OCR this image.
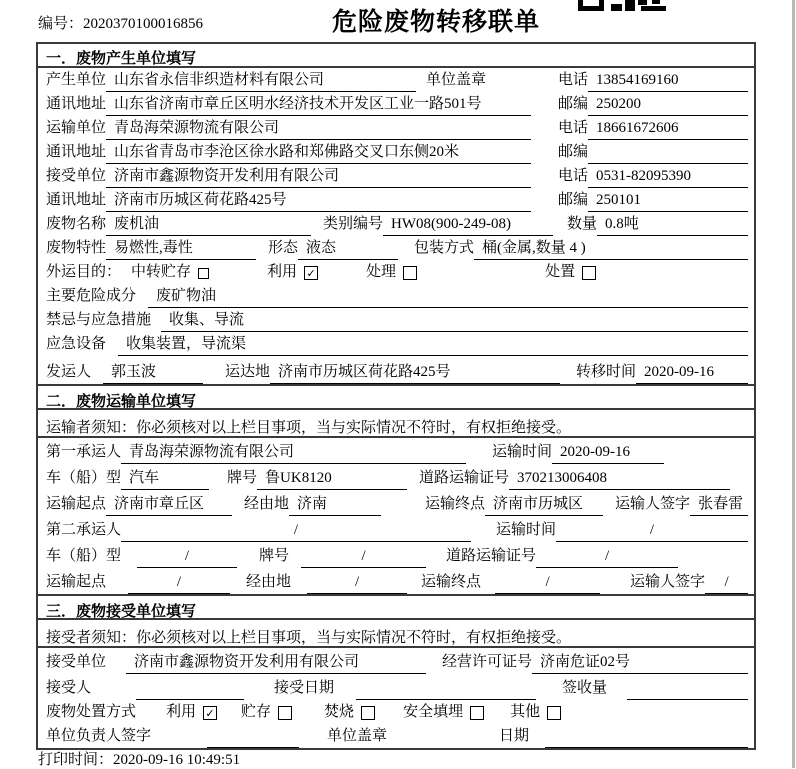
编号：2020370100016856	危险废物转移联单
一．废物产生单位填写
产生单位 山东省永信非织造材料有限公司	单位盖章	电话 13854169160
通讯地址 山东省济南市章丘区明水经济技术开发区工业一路501号	邮编 250200
运输单位 青岛海荣源物流有限公司	电话 18661672606
通讯地址 山东省青岛市李沧区徐水路和郑佛路交叉口东侧20米	邮编
接受单位 济南市鑫源物资开发利用有限公司	电话 0531-82095390
通讯地址 济南市历城区荷花路425号	邮编 250101
废物名称 废机油	类别编号 HW08(900-249-08)	数量 0.8吨
废物特性 易燃性,毒性	形态 液态	包装方式 桶(金属,数量 4 )
外运目的： 中转贮存	利用 ✓	处理	处置
主要危险成分	废矿物油
禁忌与应急措施	收集、导流
应急设备	收集装置，导流渠
发运人	郭玉波	运达地 济南市历城区荷花路425号	转移时间 2020-09-16
二．废物运输单位填写
运输者须知：你必须核对以上栏目事项，当与实际情况不符时，有权拒绝接受。
第一承运人 青岛海荣源物流有限公司	运输时间 2020-09-16
车（船）型 汽车	牌号 鲁UK8120	道路运输证号 370213006408
运输起点 济南市章丘区	经由地 济南	运输终点 济南市历城区	运输人签字 张春雷
第二承运人	/	运输时间	/
车（船）型	/	牌号	/	道路运输证号	/
运输起点	/	经由地	/	运输终点	/	运输人签字	/
三．废物接受单位填写
接受者须知：你必须核对以上栏目事项，当与实际情况不符时，有权拒绝接受。
接受单位	济南市鑫源物资开发利用有限公司	经营许可证号 济南危证02号
接受人	接受日期	签收量
废物处置方式 利用 ✓ 贮存	焚烧	安全填埋	其他
单位负责人签字	单位盖章	日期
打印时间：2020-09-16 10:49:51
